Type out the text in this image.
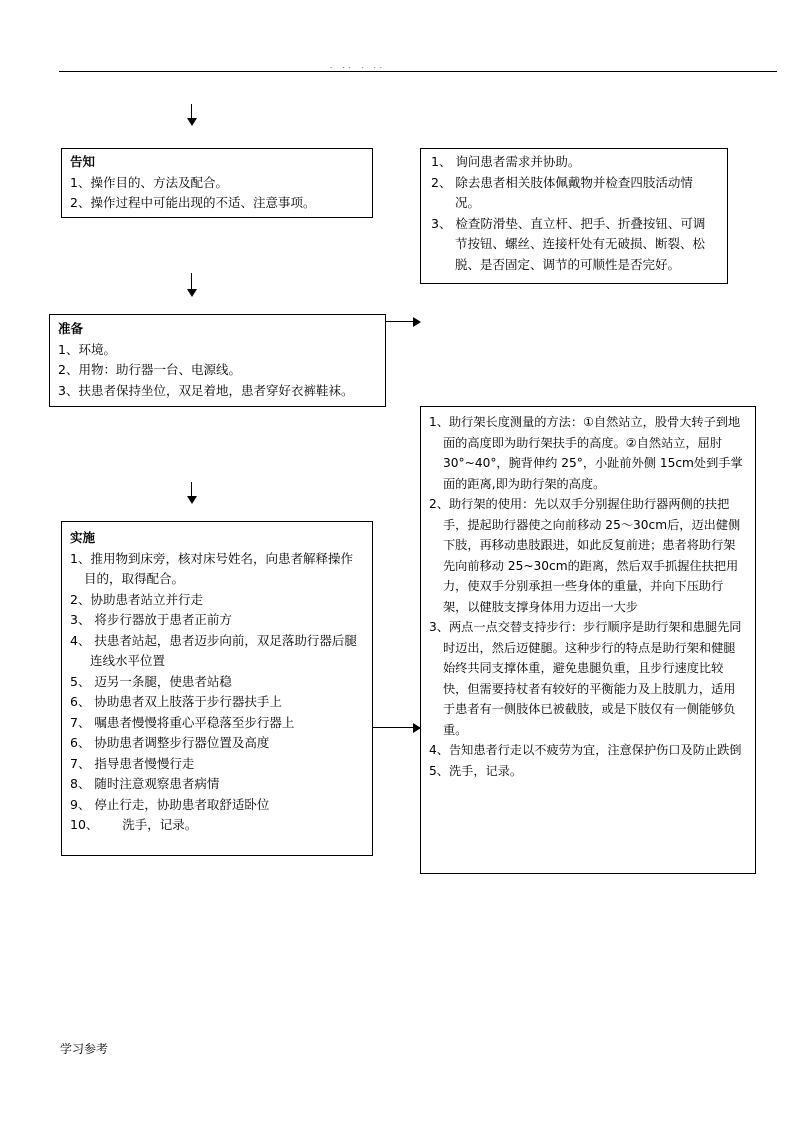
. .. . ..
告知
1、操作目的、方法及配合。
2、操作过程中可能出现的不适、注意事项。
1、 询问患者需求并协助。
2、 除去患者相关肢体佩戴物并检查四肢活动情况。
3、 检查防滑垫、直立杆、把手、折叠按钮、可调节按钮、螺丝、连接杆处有无破损、断裂、松脱、是否固定、调节的可顺性是否完好。
准备
1、环境。
2、用物：助行器一台、电源线。
3、扶患者保持坐位，双足着地，患者穿好衣裤鞋袜。
1、助行架长度测量的方法：①自然站立，股骨大转子到地面的高度即为助行架扶手的高度。②自然站立，屈肘 30°~40°，腕背伸约 25°，小趾前外侧 15cm处到手掌面的距离,即为助行架的高度。
2、助行架的使用：先以双手分别握住助行器两侧的扶把手，提起助行器使之向前移动 25～30cm后，迈出健侧下肢，再移动患肢跟进，如此反复前进；患者将助行架先向前移动 25~30cm的距离，然后双手抓握住扶把用力，使双手分别承担一些身体的重量，并向下压助行架，以健肢支撑身体用力迈出一大步
3、两点一点交替支持步行：步行顺序是助行架和患腿先同时迈出，然后迈健腿。这种步行的特点是助行架和健腿始终共同支撑体重，避免患腿负重，且步行速度比较快，但需要持杖者有较好的平衡能力及上肢肌力，适用于患者有一侧肢体已被截肢，或是下肢仅有一侧能够负重。
4、告知患者行走以不疲劳为宜，注意保护伤口及防止跌倒
5、洗手，记录。
实施
1、推用物到床旁，核对床号姓名，向患者解释操作目的，取得配合。
2、协助患者站立并行走
3、 将步行器放于患者正前方
4、 扶患者站起，患者迈步向前，双足落助行器后腿连线水平位置
5、 迈另一条腿，使患者站稳
6、 协助患者双上肢落于步行器扶手上
7、 嘱患者慢慢将重心平稳落至步行器上
6、 协助患者调整步行器位置及高度
7、 指导患者慢慢行走
8、 随时注意观察患者病情
9、 停止行走，协助患者取舒适卧位
10、      洗手，记录。
学习参考
